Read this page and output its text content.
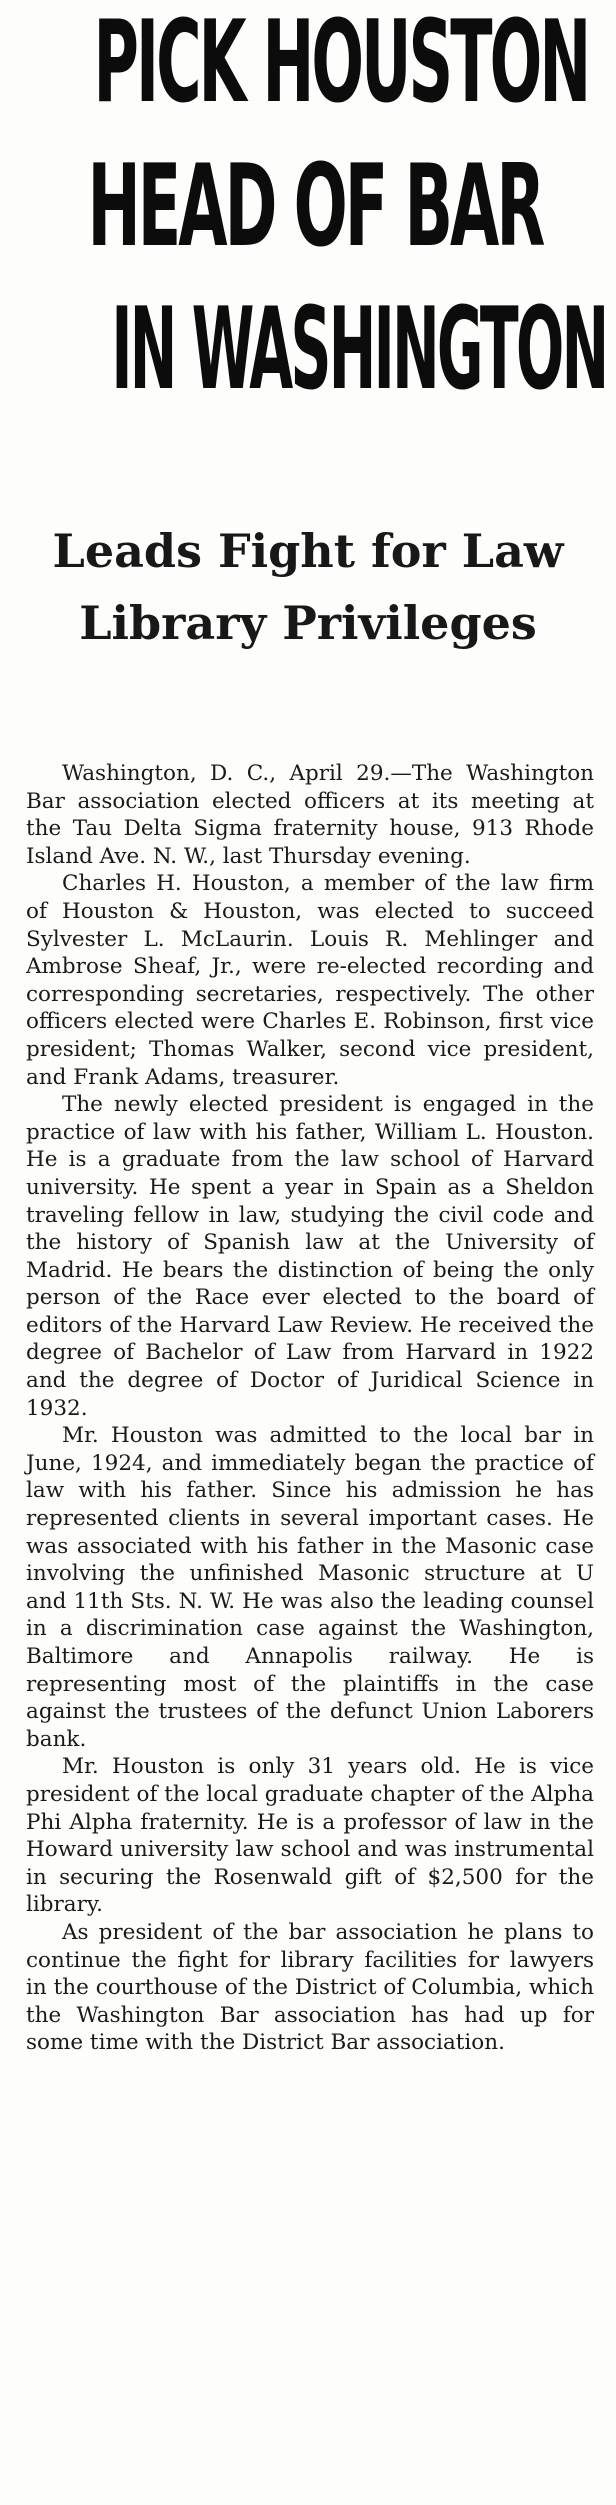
PICK HOUSTON
HEAD OF BAR
IN WASHINGTON
Leads Fight for Law
Library Privileges

Washington, D. C., April 29.—The Washington Bar association elected officers at its meeting at the Tau Delta Sigma fraternity house, 913 Rhode Island Ave. N. W., last Thursday evening.

Charles H. Houston, a member of the law firm of Houston & Houston, was elected to succeed Sylvester L. McLaurin. Louis R. Mehlinger and Ambrose Sheaf, Jr., were re-elected recording and corresponding secretaries, respectively. The other officers elected were Charles E. Robinson, first vice president; Thomas Walker, second vice president, and Frank Adams, treasurer.

The newly elected president is engaged in the practice of law with his father, William L. Houston. He is a graduate from the law school of Harvard university. He spent a year in Spain as a Sheldon traveling fellow in law, studying the civil code and the history of Spanish law at the University of Madrid. He bears the distinction of being the only person of the Race ever elected to the board of editors of the Harvard Law Review. He received the degree of Bachelor of Law from Harvard in 1922 and the degree of Doctor of Juridical Science in 1932.

Mr. Houston was admitted to the local bar in June, 1924, and immediately began the practice of law with his father. Since his admission he has represented clients in several important cases. He was associated with his father in the Masonic case involving the unfinished Masonic structure at U and 11th Sts. N. W. He was also the leading counsel in a discrimination case against the Washington, Baltimore and Annapolis railway. He is representing most of the plaintiffs in the case against the trustees of the defunct Union Laborers bank.

Mr. Houston is only 31 years old. He is vice president of the local graduate chapter of the Alpha Phi Alpha fraternity. He is a professor of law in the Howard university law school and was instrumental in securing the Rosenwald gift of $2,500 for the library.

As president of the bar association he plans to continue the fight for library facilities for lawyers in the courthouse of the District of Columbia, which the Washington Bar association has had up for some time with the District Bar association.
